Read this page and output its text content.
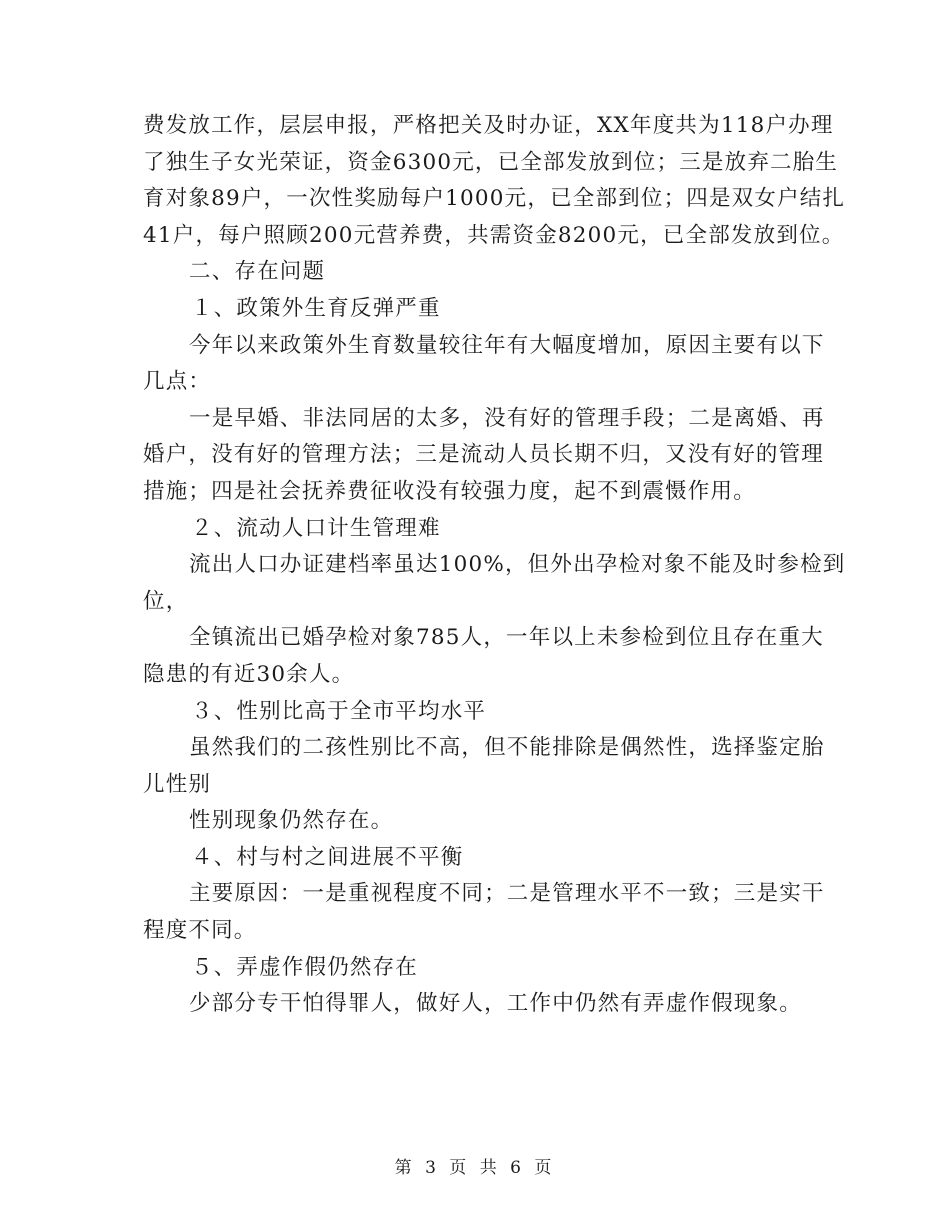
费发放工作，层层申报，严格把关及时办证，XX年度共为118户办理
了独生子女光荣证，资金6300元，已全部发放到位；三是放弃二胎生
育对象89户，一次性奖励每户1000元，已全部到位；四是双女户结扎
41户，每户照顾200元营养费，共需资金8200元，已全部发放到位。
二、存在问题
１、政策外生育反弹严重
今年以来政策外生育数量较往年有大幅度增加，原因主要有以下
几点：
一是早婚、非法同居的太多，没有好的管理手段；二是离婚、再
婚户，没有好的管理方法；三是流动人员长期不归，又没有好的管理
措施；四是社会抚养费征收没有较强力度，起不到震慑作用。
２、流动人口计生管理难
流出人口办证建档率虽达100%，但外出孕检对象不能及时参检到
位，
全镇流出已婚孕检对象785人，一年以上未参检到位且存在重大
隐患的有近30余人。
３、性别比高于全市平均水平
虽然我们的二孩性别比不高，但不能排除是偶然性，选择鉴定胎
儿性别
性别现象仍然存在。
４、村与村之间进展不平衡
主要原因：一是重视程度不同；二是管理水平不一致；三是实干
程度不同。
５、弄虚作假仍然存在
少部分专干怕得罪人，做好人，工作中仍然有弄虚作假现象。
第 3 页 共 6 页
